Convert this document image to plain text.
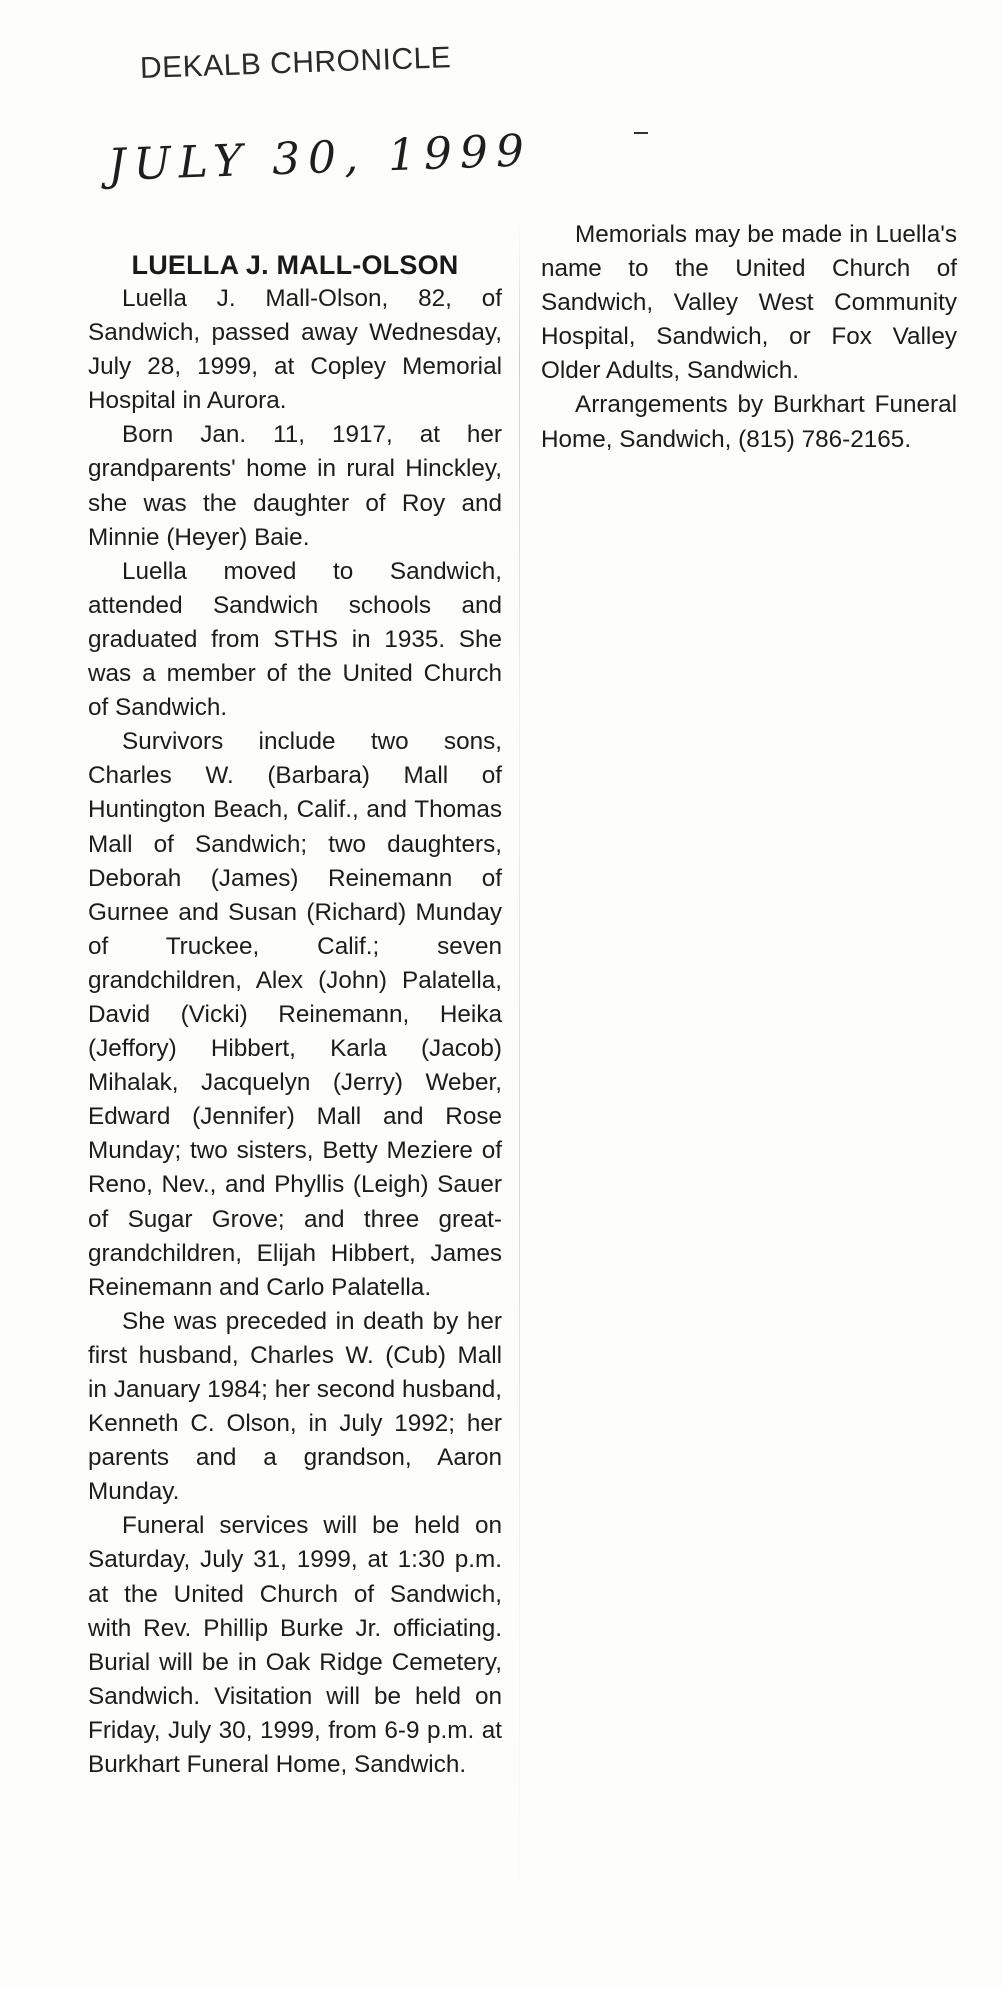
DEKALB CHRONICLE
JULY 30, 1999
LUELLA J. MALL-OLSON

Luella J. Mall-Olson, 82, of Sandwich, passed away Wednesday, July 28, 1999, at Copley Memorial Hospital in Aurora.

Born Jan. 11, 1917, at her grandparents' home in rural Hinckley, she was the daughter of Roy and Minnie (Heyer) Baie.

Luella moved to Sandwich, attended Sandwich schools and graduated from STHS in 1935. She was a member of the United Church of Sandwich.

Survivors include two sons, Charles W. (Barbara) Mall of Huntington Beach, Calif., and Thomas Mall of Sandwich; two daughters, Deborah (James) Reinemann of Gurnee and Susan (Richard) Munday of Truckee, Calif.; seven grandchildren, Alex (John) Palatella, David (Vicki) Reinemann, Heika (Jeffory) Hibbert, Karla (Jacob) Mihalak, Jacquelyn (Jerry) Weber, Edward (Jennifer) Mall and Rose Munday; two sisters, Betty Meziere of Reno, Nev., and Phyllis (Leigh) Sauer of Sugar Grove; and three great-grandchildren, Elijah Hibbert, James Reinemann and Carlo Palatella.

She was preceded in death by her first husband, Charles W. (Cub) Mall in January 1984; her second husband, Kenneth C. Olson, in July 1992; her parents and a grandson, Aaron Munday.

Funeral services will be held on Saturday, July 31, 1999, at 1:30 p.m. at the United Church of Sandwich, with Rev. Phillip Burke Jr. officiating. Burial will be in Oak Ridge Cemetery, Sandwich. Visitation will be held on Friday, July 30, 1999, from 6-9 p.m. at Burkhart Funeral Home, Sandwich.

Memorials may be made in Luella's name to the United Church of Sandwich, Valley West Community Hospital, Sandwich, or Fox Valley Older Adults, Sandwich.

Arrangements by Burkhart Funeral Home, Sandwich, (815) 786-2165.
